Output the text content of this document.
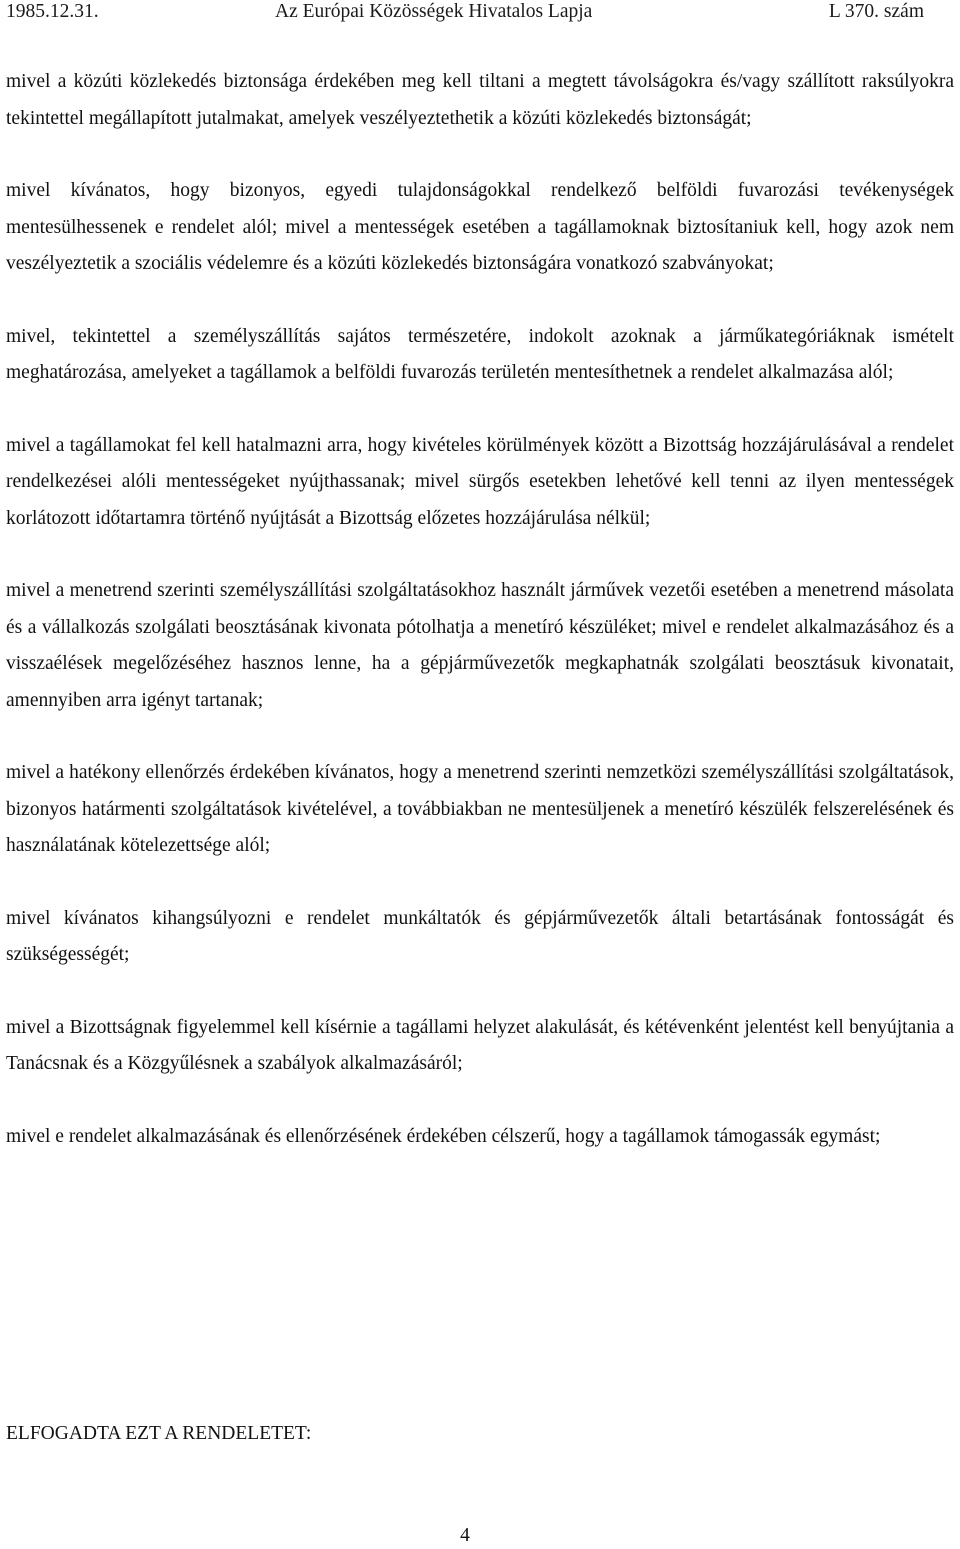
1985.12.31.	Az Európai Közösségek Hivatalos Lapja	L 370. szám

mivel a közúti közlekedés biztonsága érdekében meg kell tiltani a megtett távolságokra és/vagy szállított raksúlyokra tekintettel megállapított jutalmakat, amelyek veszélyeztethetik a közúti közlekedés biztonságát;

mivel kívánatos, hogy bizonyos, egyedi tulajdonságokkal rendelkező belföldi fuvarozási tevékenységek mentesülhessenek e rendelet alól; mivel a mentességek esetében a tagállamoknak biztosítaniuk kell, hogy azok nem veszélyeztetik a szociális védelemre és a közúti közlekedés biztonságára vonatkozó szabványokat;

mivel, tekintettel a személyszállítás sajátos természetére, indokolt azoknak a járműkategóriáknak ismételt meghatározása, amelyeket a tagállamok a belföldi fuvarozás területén mentesíthetnek a rendelet alkalmazása alól;

mivel a tagállamokat fel kell hatalmazni arra, hogy kivételes körülmények között a Bizottság hozzájárulásával a rendelet rendelkezései alóli mentességeket nyújthassanak; mivel sürgős esetekben lehetővé kell tenni az ilyen mentességek korlátozott időtartamra történő nyújtását a Bizottság előzetes hozzájárulása nélkül;

mivel a menetrend szerinti személyszállítási szolgáltatásokhoz használt járművek vezetői esetében a menetrend másolata és a vállalkozás szolgálati beosztásának kivonata pótolhatja a menetíró készüléket; mivel e rendelet alkalmazásához és a visszaélések megelőzéséhez hasznos lenne, ha a gépjárművezetők megkaphatnák szolgálati beosztásuk kivonatait, amennyiben arra igényt tartanak;

mivel a hatékony ellenőrzés érdekében kívánatos, hogy a menetrend szerinti nemzetközi személyszállítási szolgáltatások, bizonyos határmenti szolgáltatások kivételével, a továbbiakban ne mentesüljenek a menetíró készülék felszerelésének és használatának kötelezettsége alól;

mivel kívánatos kihangsúlyozni e rendelet munkáltatók és gépjárművezetők általi betartásának fontosságát és szükségességét;

mivel a Bizottságnak figyelemmel kell kísérnie a tagállami helyzet alakulását, és kétévenként jelentést kell benyújtania a Tanácsnak és a Közgyűlésnek a szabályok alkalmazásáról;

mivel e rendelet alkalmazásának és ellenőrzésének érdekében célszerű, hogy a tagállamok támogassák egymást;

ELFOGADTA EZT A RENDELETET:

4
